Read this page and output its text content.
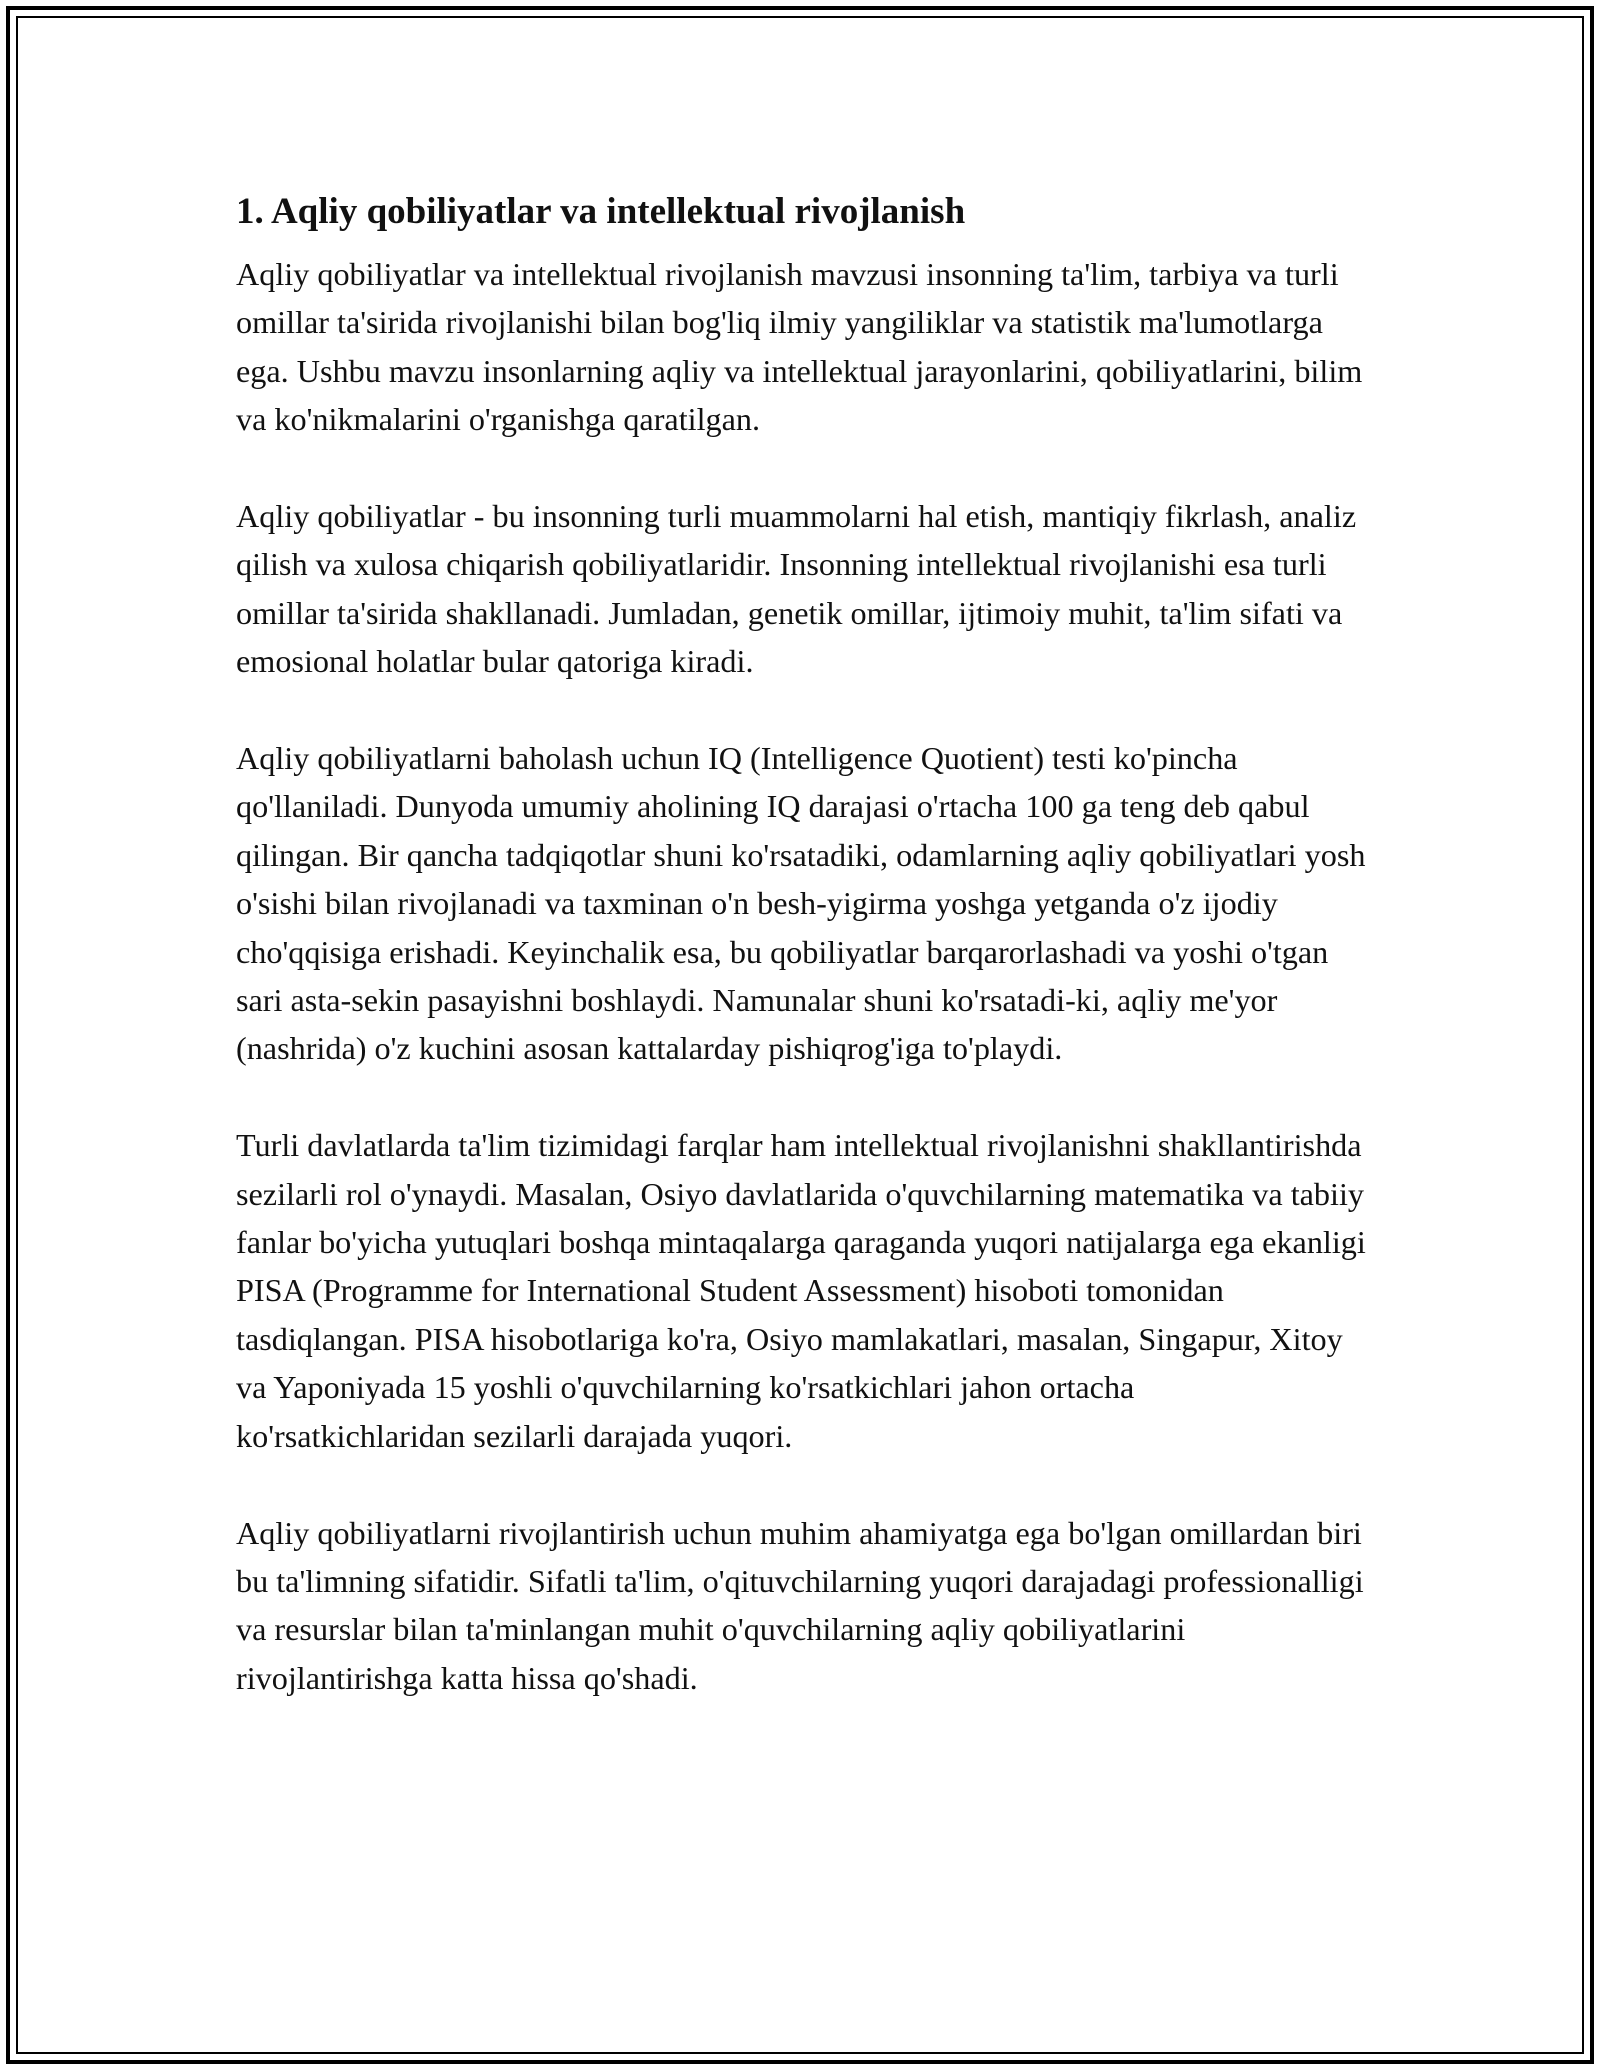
1. Aqliy qobiliyatlar va intellektual rivojlanish

Aqliy qobiliyatlar va intellektual rivojlanish mavzusi insonning ta'lim, tarbiya va turli omillar ta'sirida rivojlanishi bilan bog'liq ilmiy yangiliklar va statistik ma'lumotlarga ega. Ushbu mavzu insonlarning aqliy va intellektual jarayonlarini, qobiliyatlarini, bilim va ko'nikmalarini o'rganishga qaratilgan.

Aqliy qobiliyatlar - bu insonning turli muammolarni hal etish, mantiqiy fikrlash, analiz qilish va xulosa chiqarish qobiliyatlaridir. Insonning intellektual rivojlanishi esa turli omillar ta'sirida shakllanadi. Jumladan, genetik omillar, ijtimoiy muhit, ta'lim sifati va emosional holatlar bular qatoriga kiradi.

Aqliy qobiliyatlarni baholash uchun IQ (Intelligence Quotient) testi ko'pincha qo'llaniladi. Dunyoda umumiy aholining IQ darajasi o'rtacha 100 ga teng deb qabul qilingan. Bir qancha tadqiqotlar shuni ko'rsatadiki, odamlarning aqliy qobiliyatlari yosh o'sishi bilan rivojlanadi va taxminan o'n besh-yigirma yoshga yetganda o'z ijodiy cho'qqisiga erishadi. Keyinchalik esa, bu qobiliyatlar barqarorlashadi va yoshi o'tgan sari asta-sekin pasayishni boshlaydi. Namunalar shuni ko'rsatadi-ki, aqliy me'yor (nashrida) o'z kuchini asosan kattalarday pishiqrog'iga to'playdi.

Turli davlatlarda ta'lim tizimidagi farqlar ham intellektual rivojlanishni shakllantirishda sezilarli rol o'ynaydi. Masalan, Osiyo davlatlarida o'quvchilarning matematika va tabiiy fanlar bo'yicha yutuqlari boshqa mintaqalarga qaraganda yuqori natijalarga ega ekanligi PISA (Programme for International Student Assessment) hisoboti tomonidan tasdiqlangan. PISA hisobotlariga ko'ra, Osiyo mamlakatlari, masalan, Singapur, Xitoy va Yaponiyada 15 yoshli o'quvchilarning ko'rsatkichlari jahon ortacha ko'rsatkichlaridan sezilarli darajada yuqori.

Aqliy qobiliyatlarni rivojlantirish uchun muhim ahamiyatga ega bo'lgan omillardan biri bu ta'limning sifatidir. Sifatli ta'lim, o'qituvchilarning yuqori darajadagi professionalligi va resurslar bilan ta'minlangan muhit o'quvchilarning aqliy qobiliyatlarini rivojlantirishga katta hissa qo'shadi.
